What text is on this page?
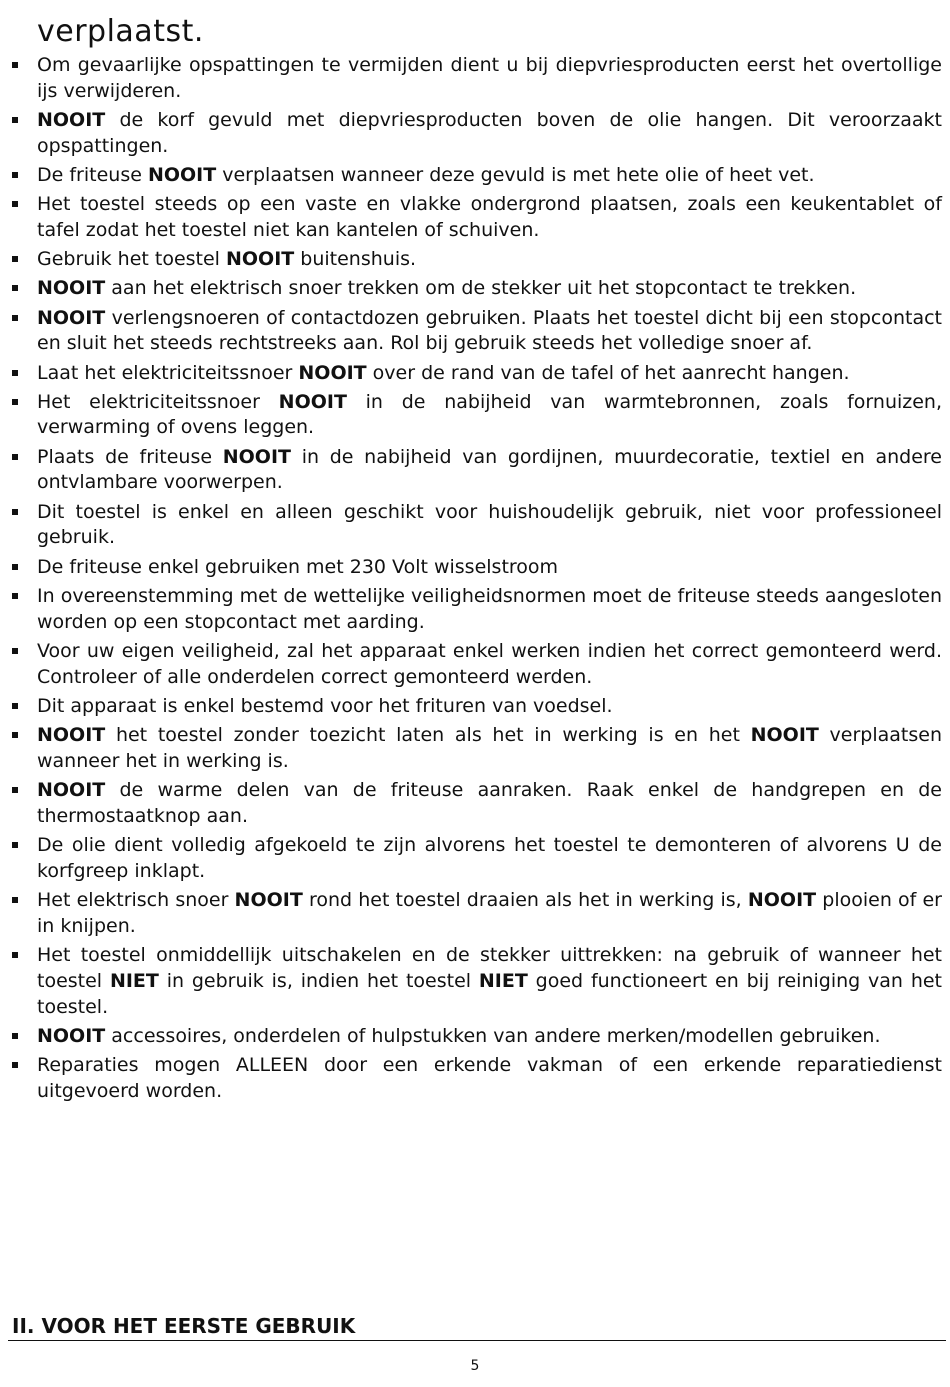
verplaatst.

Om gevaarlijke opspattingen te vermijden dient u bij diepvriesproducten eerst het overtollige ijs verwijderen.
NOOIT de korf gevuld met diepvriesproducten boven de olie hangen. Dit veroorzaakt opspattingen.
De friteuse NOOIT verplaatsen wanneer deze gevuld is met hete olie of heet vet.
Het toestel steeds op een vaste en vlakke ondergrond plaatsen, zoals een keukentablet of tafel zodat het toestel niet kan kantelen of schuiven.
Gebruik het toestel NOOIT buitenshuis.
NOOIT aan het elektrisch snoer trekken om de stekker uit het stopcontact te trekken.
NOOIT verlengsnoeren of contactdozen gebruiken. Plaats het toestel dicht bij een stopcontact en sluit het steeds rechtstreeks aan. Rol bij gebruik steeds het volledige snoer af.
Laat het elektriciteitssnoer NOOIT over de rand van de tafel of het aanrecht hangen.
Het elektriciteitssnoer NOOIT in de nabijheid van warmtebronnen, zoals fornuizen, verwarming of ovens leggen.
Plaats de friteuse NOOIT in de nabijheid van gordijnen, muurdecoratie, textiel en andere ontvlambare voorwerpen.
Dit toestel is enkel en alleen geschikt voor huishoudelijk gebruik, niet voor professioneel gebruik.
De friteuse enkel gebruiken met 230 Volt wisselstroom
In overeenstemming met de wettelijke veiligheidsnormen moet de friteuse steeds aangesloten worden op een stopcontact met aarding.
Voor uw eigen veiligheid, zal het apparaat enkel werken indien het correct gemonteerd werd. Controleer of alle onderdelen correct gemonteerd werden.
Dit apparaat is enkel bestemd voor het frituren van voedsel.
NOOIT het toestel zonder toezicht laten als het in werking is en het NOOIT verplaatsen wanneer het in werking is.
NOOIT de warme delen van de friteuse aanraken. Raak enkel de handgrepen en de thermostaatknop aan.
De olie dient volledig afgekoeld te zijn alvorens het toestel te demonteren of alvorens U de korfgreep inklapt.
Het elektrisch snoer NOOIT rond het toestel draaien als het in werking is, NOOIT plooien of er in knijpen.
Het toestel onmiddellijk uitschakelen en de stekker uittrekken: na gebruik of wanneer het toestel NIET in gebruik is, indien het toestel NIET goed functioneert en bij reiniging van het toestel.
NOOIT accessoires, onderdelen of hulpstukken van andere merken/modellen gebruiken.
Reparaties mogen ALLEEN door een erkende vakman of een erkende reparatiedienst uitgevoerd worden.
II. VOOR HET EERSTE GEBRUIK
5
